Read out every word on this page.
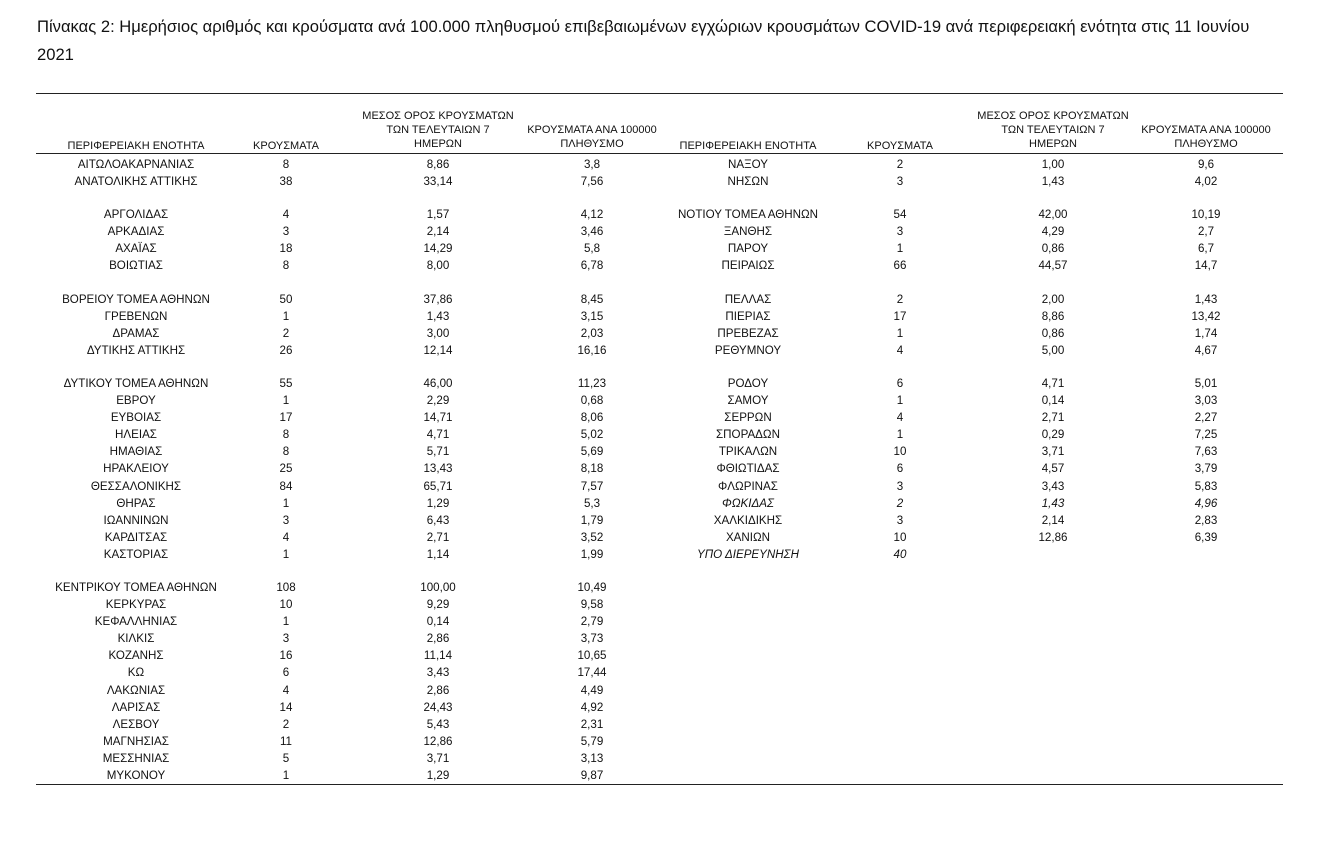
Πίνακας 2: Ημερήσιος αριθμός και κρούσματα ανά 100.000 πληθυσμού επιβεβαιωμένων εγχώριων κρουσμάτων COVID-19 ανά περιφερειακή ενότητα στις 11 Ιουνίου 2021
ΠΕΡΙΦΕΡΕΙΑΚΗ ΕΝΟΤΗΤΑ	ΚΡΟΥΣΜΑΤΑ
ΜΕΣΟΣ ΟΡΟΣ ΚΡΟΥΣΜΑΤΩΝ
ΤΩΝ ΤΕΛΕΥΤΑΙΩΝ 7
ΗΜΕΡΩΝ
ΚΡΟΥΣΜΑΤΑ ΑΝΑ 100000
ΠΛΗΘΥΣΜΟ	ΠΕΡΙΦΕΡΕΙΑΚΗ ΕΝΟΤΗΤΑ	ΚΡΟΥΣΜΑΤΑ
ΜΕΣΟΣ ΟΡΟΣ ΚΡΟΥΣΜΑΤΩΝ
ΤΩΝ ΤΕΛΕΥΤΑΙΩΝ 7
ΗΜΕΡΩΝ
ΚΡΟΥΣΜΑΤΑ ΑΝΑ 100000
ΠΛΗΘΥΣΜΟ
ΑΙΤΩΛΟΑΚΑΡΝΑΝΙΑΣ	8	8,86	3,8
ΑΝΑΤΟΛΙΚΗΣ ΑΤΤΙΚΗΣ	38	33,14	7,56
ΑΡΓΟΛΙΔΑΣ	4	1,57	4,12
ΑΡΚΑΔΙΑΣ	3	2,14	3,46
ΑΧΑΪΑΣ	18	14,29	5,8
ΒΟΙΩΤΙΑΣ	8	8,00	6,78
ΒΟΡΕΙΟΥ ΤΟΜΕΑ ΑΘΗΝΩΝ	50	37,86	8,45
ΓΡΕΒΕΝΩΝ	1	1,43	3,15
ΔΡΑΜΑΣ	2	3,00	2,03
ΔΥΤΙΚΗΣ ΑΤΤΙΚΗΣ	26	12,14	16,16
ΔΥΤΙΚΟΥ ΤΟΜΕΑ ΑΘΗΝΩΝ	55	46,00	11,23
ΕΒΡΟΥ	1	2,29	0,68
ΕΥΒΟΙΑΣ	17	14,71	8,06
ΗΛΕΙΑΣ	8	4,71	5,02
ΗΜΑΘΙΑΣ	8	5,71	5,69
ΗΡΑΚΛΕΙΟΥ	25	13,43	8,18
ΘΕΣΣΑΛΟΝΙΚΗΣ	84	65,71	7,57
ΘΗΡΑΣ	1	1,29	5,3
ΙΩΑΝΝΙΝΩΝ	3	6,43	1,79
ΚΑΡΔΙΤΣΑΣ	4	2,71	3,52
ΚΑΣΤΟΡΙΑΣ	1	1,14	1,99
ΚΕΝΤΡΙΚΟΥ ΤΟΜΕΑ ΑΘΗΝΩΝ	108	100,00	10,49
ΚΕΡΚΥΡΑΣ	10	9,29	9,58
ΚΕΦΑΛΛΗΝΙΑΣ	1	0,14	2,79
ΚΙΛΚΙΣ	3	2,86	3,73
ΚΟΖΑΝΗΣ	16	11,14	10,65
ΚΩ	6	3,43	17,44
ΛΑΚΩΝΙΑΣ	4	2,86	4,49
ΛΑΡΙΣΑΣ	14	24,43	4,92
ΛΕΣΒΟΥ	2	5,43	2,31
ΜΑΓΝΗΣΙΑΣ	11	12,86	5,79
ΜΕΣΣΗΝΙΑΣ	5	3,71	3,13
ΜΥΚΟΝΟΥ	1	1,29	9,87
ΝΑΞΟΥ	2	1,00	9,6
ΝΗΣΩΝ	3	1,43	4,02
ΝΟΤΙΟΥ ΤΟΜΕΑ ΑΘΗΝΩΝ	54	42,00	10,19
ΞΑΝΘΗΣ	3	4,29	2,7
ΠΑΡΟΥ	1	0,86	6,7
ΠΕΙΡΑΙΩΣ	66	44,57	14,7
ΠΕΛΛΑΣ	2	2,00	1,43
ΠΙΕΡΙΑΣ	17	8,86	13,42
ΠΡΕΒΕΖΑΣ	1	0,86	1,74
ΡΕΘΥΜΝΟΥ	4	5,00	4,67
ΡΟΔΟΥ	6	4,71	5,01
ΣΑΜΟΥ	1	0,14	3,03
ΣΕΡΡΩΝ	4	2,71	2,27
ΣΠΟΡΑΔΩΝ	1	0,29	7,25
ΤΡΙΚΑΛΩΝ	10	3,71	7,63
ΦΘΙΩΤΙΔΑΣ	6	4,57	3,79
ΦΛΩΡΙΝΑΣ	3	3,43	5,83
ΦΩΚΙΔΑΣ	2	1,43	4,96
ΧΑΛΚΙΔΙΚΗΣ	3	2,14	2,83
ΧΑΝΙΩΝ	10	12,86	6,39
ΥΠΟ ΔΙΕΡΕΥΝΗΣΗ	40
